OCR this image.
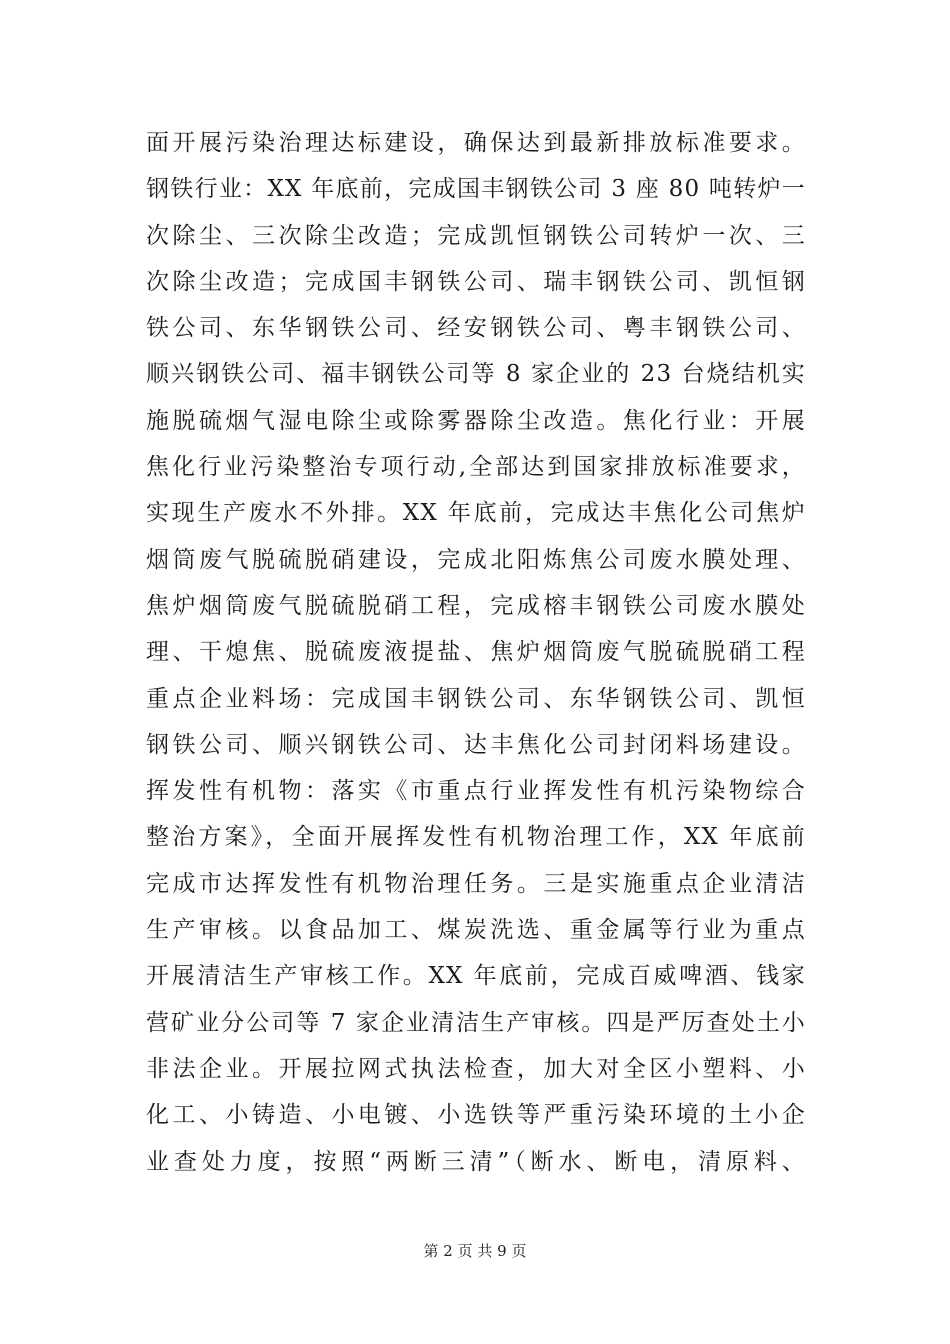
面开展污染治理达标建设，确保达到最新排放标准要求。
钢铁行业：XX 年底前，完成国丰钢铁公司 3 座 80 吨转炉一
次除尘、三次除尘改造；完成凯恒钢铁公司转炉一次、三
次除尘改造；完成国丰钢铁公司、瑞丰钢铁公司、凯恒钢
铁公司、东华钢铁公司、经安钢铁公司、粤丰钢铁公司、
顺兴钢铁公司、福丰钢铁公司等 8 家企业的 23 台烧结机实
施脱硫烟气湿电除尘或除雾器除尘改造。焦化行业：开展
焦化行业污染整治专项行动,全部达到国家排放标准要求，
实现生产废水不外排。XX 年底前，完成达丰焦化公司焦炉
烟筒废气脱硫脱硝建设，完成北阳炼焦公司废水膜处理、
焦炉烟筒废气脱硫脱硝工程，完成榕丰钢铁公司废水膜处
理、干熄焦、脱硫废液提盐、焦炉烟筒废气脱硫脱硝工程
重点企业料场：完成国丰钢铁公司、东华钢铁公司、凯恒
钢铁公司、顺兴钢铁公司、达丰焦化公司封闭料场建设。
挥发性有机物：落实《市重点行业挥发性有机污染物综合
整治方案》，全面开展挥发性有机物治理工作，XX 年底前
完成市达挥发性有机物治理任务。三是实施重点企业清洁
生产审核。以食品加工、煤炭洗选、重金属等行业为重点
开展清洁生产审核工作。XX 年底前，完成百威啤酒、钱家
营矿业分公司等 7 家企业清洁生产审核。四是严厉查处土小
非法企业。开展拉网式执法检查，加大对全区小塑料、小
化工、小铸造、小电镀、小选铁等严重污染环境的土小企
业查处力度，按照“两断三清”（断水、断电，清原料、
第 2 页 共 9 页
